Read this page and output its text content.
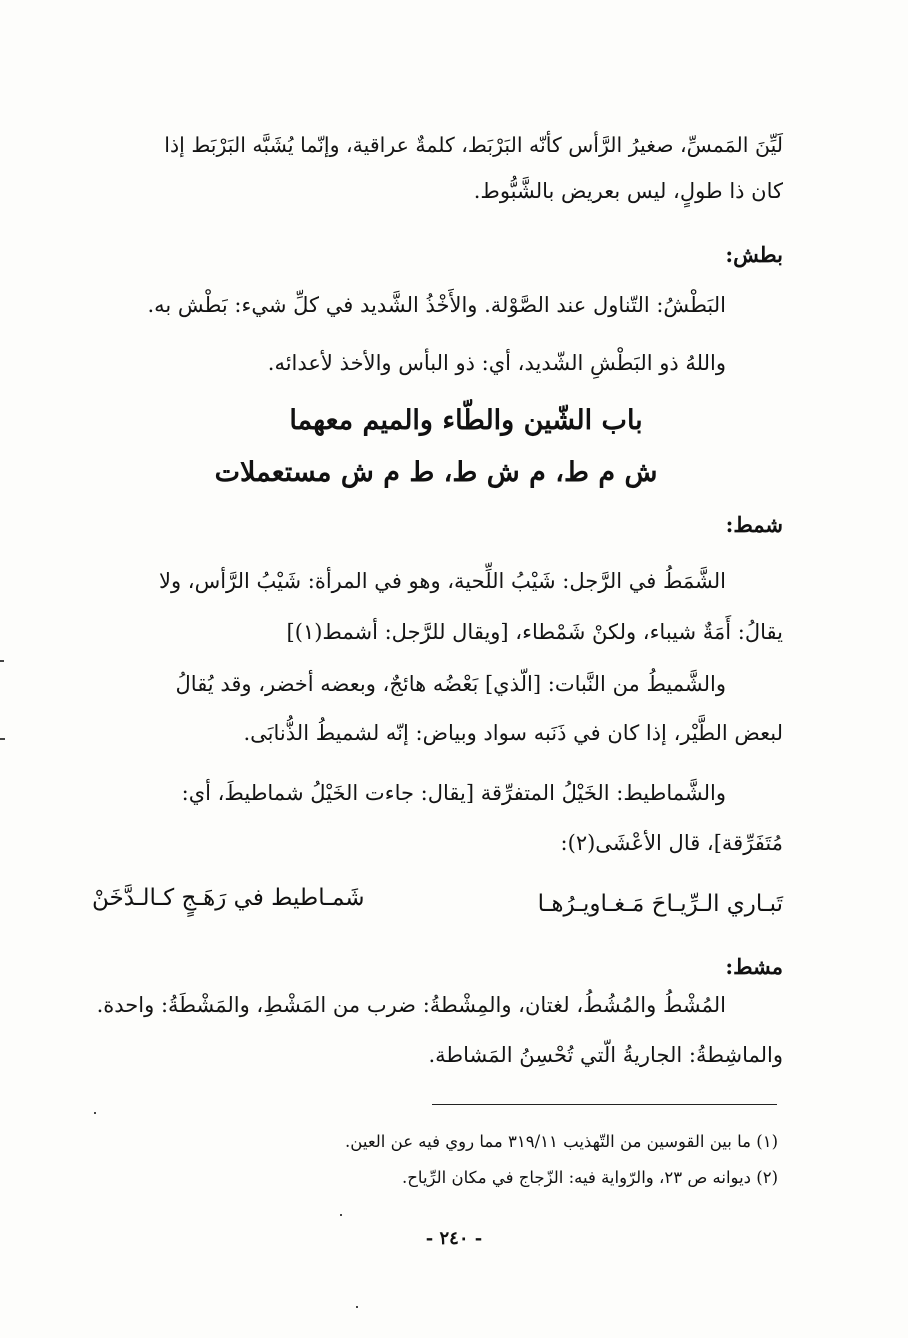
لَيِّنَ المَمسِّ، صغيرُ الرَّأس كأنّه البَرْبَط، كلمةٌ عراقية، وإنّما يُشَبَّه البَرْبَط إذا
كان ذا طولٍ، ليس بعريض بالشَّبُّوط.
بطش:
البَطْشُ: التّناول عند الصَّوْلة. والأَخْذُ الشَّديد في كلِّ شيء: بَطْش به.
واللهُ ذو البَطْشِ الشّديد، أي: ذو البأس والأخذ لأعدائه.
باب الشّين والطّاء والميم معهما
ش م ط، م ش ط، ط م ش مستعملات
شمط:
الشَّمَطُ في الرَّجل: شَيْبُ اللِّحية، وهو في المرأة: شَيْبُ الرَّأس، ولا
يقالُ: أَمَةٌ شيباء، ولكنْ شَمْطاء، [ويقال للرَّجل: أشمط(١)]
والشَّميطُ من النَّبات: [الّذي] بَعْضُه هائجٌ، وبعضه أخضر، وقد يُقالُ
لبعض الطَّيْر، إذا كان في ذَنَبه سواد وبياض: إنّه لشميطُ الذُّنابَى.
والشَّماطيط: الخَيْلُ المتفرِّقة [يقال: جاءت الخَيْلُ شماطيطَ، أي:
مُتَفَرِّقة]، قال الأعْشَى(٢):
تَبـاري الـرِّيـاحَ مَـغـاويـرُهـا
شَمـاطيط في رَهَـجٍ كـالـدَّخَنْ
مشط:
المُشْطُ والمُشُطُ، لغتان، والمِشْطةُ: ضرب من المَشْطِ، والمَشْطَةُ: واحدة.
والماشِطةُ: الجاريةُ الّتي تُحْسِنُ المَشاطة.
(١) ما بين القوسين من التّهذيب ٣١٩/١١ مما روي فيه عن العين.
(٢) ديوانه ص ٢٣، والرّواية فيه: الزّجاج في مكان الرِّياح.
- ٢٤٠ -
